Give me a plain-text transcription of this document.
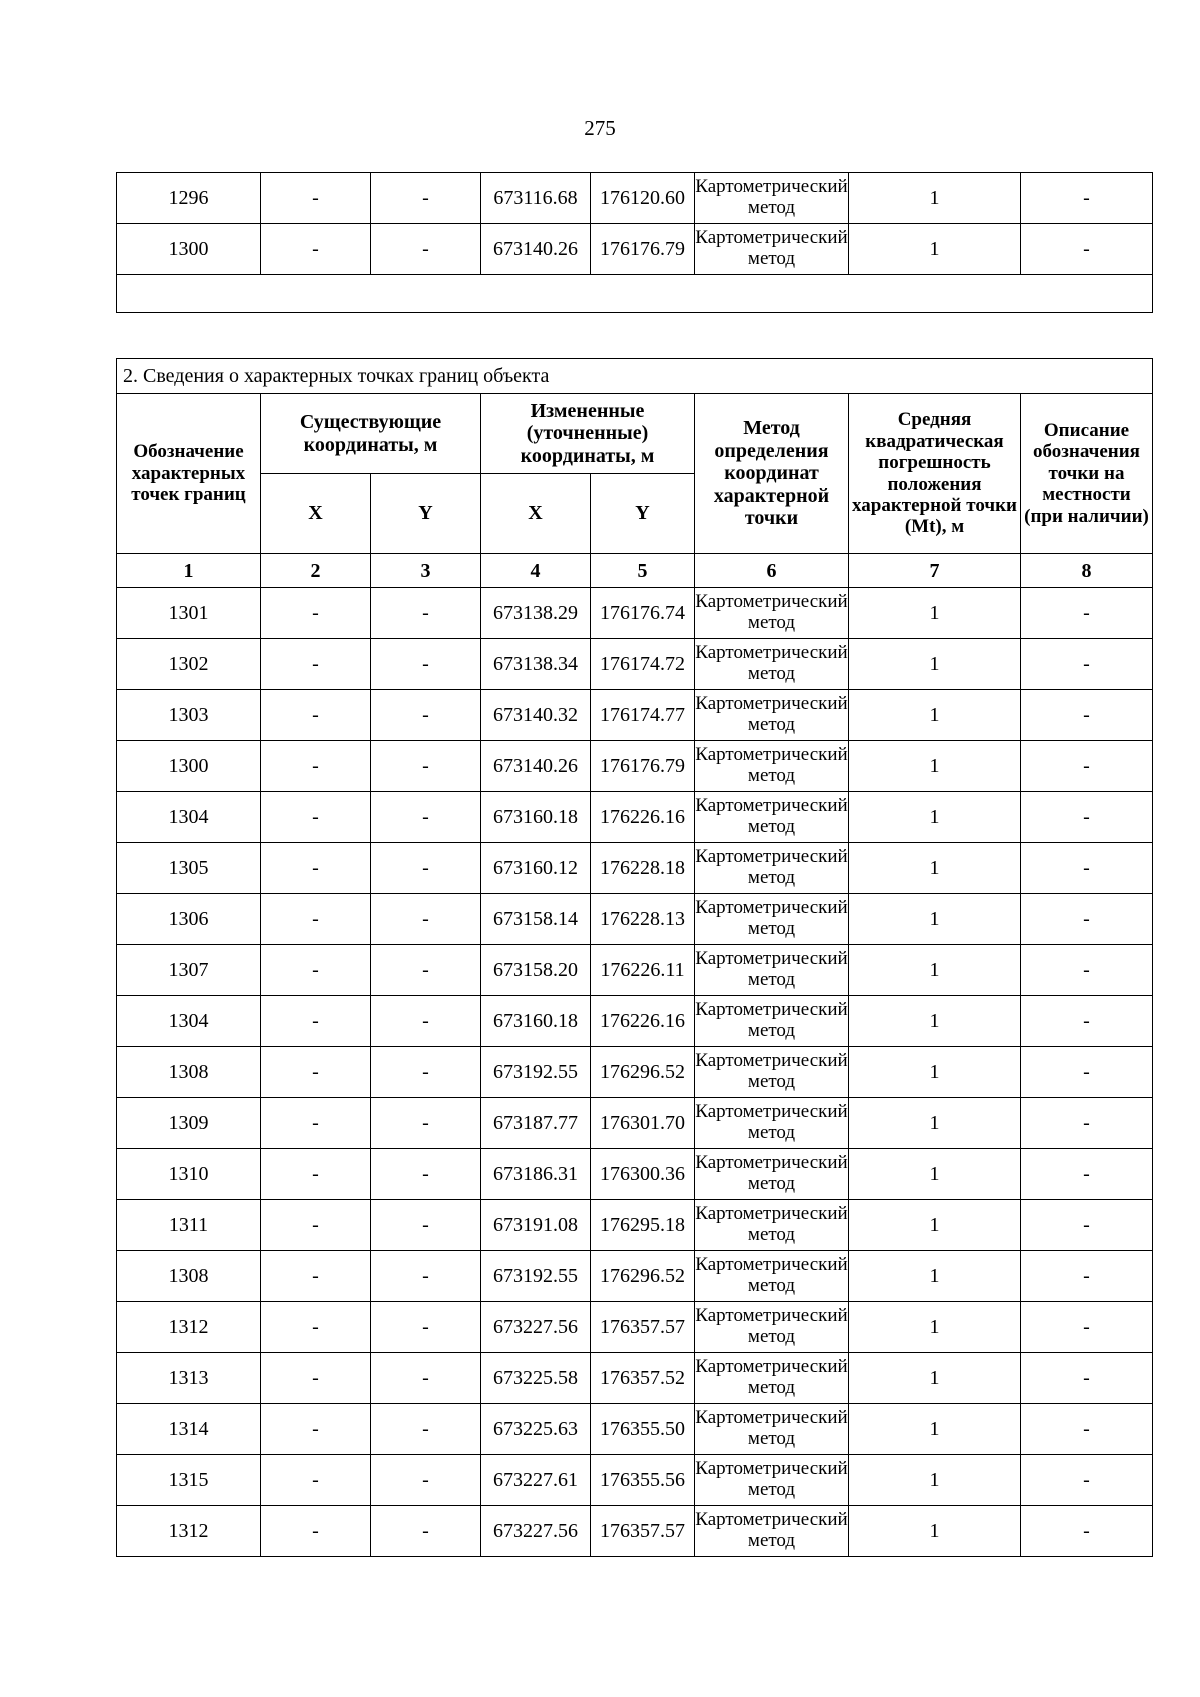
275
1296	-	-	673116.68	176120.60	Картометрический метод	1	-
1300	-	-	673140.26	176176.79	Картометрический метод	1	-

2. Сведения о характерных точках границ объекта							
Обозначение характерных точек границ	Существующие координаты, м		Измененные (уточненные) координаты, м		Метод определения координат характерной точки	Средняя квадратическая погрешность положения характерной точки (Mt), м	Описание обозначения точки на местности (при наличии)
	X	Y	X	Y			
1	2	3	4	5	6	7	8
1301	-	-	673138.29	176176.74	Картометрический метод	1	-
1302	-	-	673138.34	176174.72	Картометрический метод	1	-
1303	-	-	673140.32	176174.77	Картометрический метод	1	-
1300	-	-	673140.26	176176.79	Картометрический метод	1	-
1304	-	-	673160.18	176226.16	Картометрический метод	1	-
1305	-	-	673160.12	176228.18	Картометрический метод	1	-
1306	-	-	673158.14	176228.13	Картометрический метод	1	-
1307	-	-	673158.20	176226.11	Картометрический метод	1	-
1304	-	-	673160.18	176226.16	Картометрический метод	1	-
1308	-	-	673192.55	176296.52	Картометрический метод	1	-
1309	-	-	673187.77	176301.70	Картометрический метод	1	-
1310	-	-	673186.31	176300.36	Картометрический метод	1	-
1311	-	-	673191.08	176295.18	Картометрический метод	1	-
1308	-	-	673192.55	176296.52	Картометрический метод	1	-
1312	-	-	673227.56	176357.57	Картометрический метод	1	-
1313	-	-	673225.58	176357.52	Картометрический метод	1	-
1314	-	-	673225.63	176355.50	Картометрический метод	1	-
1315	-	-	673227.61	176355.56	Картометрический метод	1	-
1312	-	-	673227.56	176357.57	Картометрический метод	1	-
